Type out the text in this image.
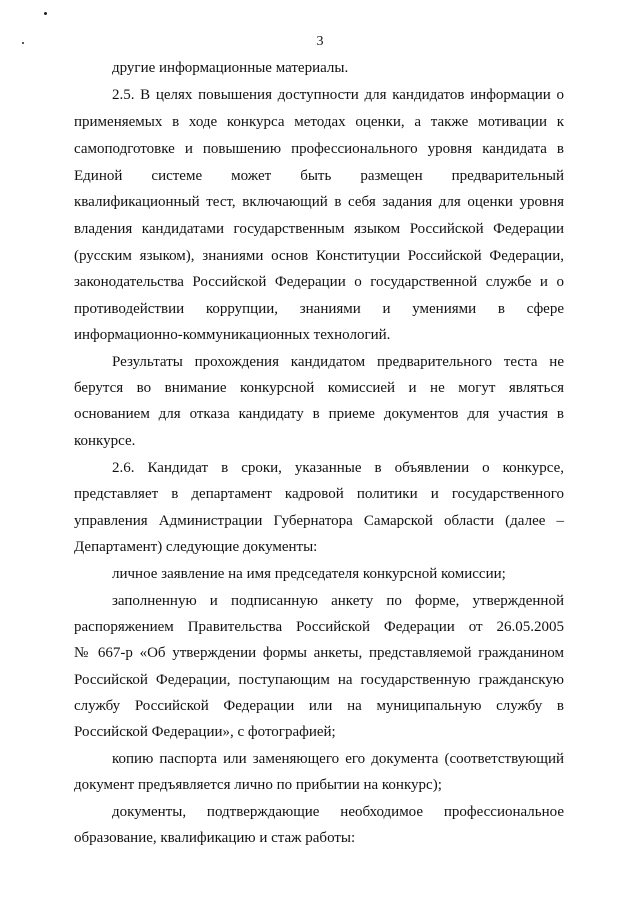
3
другие информационные материалы.
2.5. В целях повышения доступности для кандидатов информации о
применяемых в ходе конкурса методах оценки, а также мотивации к
самоподготовке и повышению профессионального уровня кандидата в
Единой системе может быть размещен предварительный
квалификационный тест, включающий в себя задания для оценки уровня
владения кандидатами государственным языком Российской Федерации
(русским языком), знаниями основ Конституции Российской Федерации,
законодательства Российской Федерации о государственной службе и о
противодействии коррупции, знаниями и умениями в сфере
информационно-коммуникационных технологий.
Результаты прохождения кандидатом предварительного теста не
берутся во внимание конкурсной комиссией и не могут являться
основанием для отказа кандидату в приеме документов для участия в
конкурсе.
2.6. Кандидат в сроки, указанные в объявлении о конкурсе,
представляет в департамент кадровой политики и государственного
управления Администрации Губернатора Самарской области (далее –
Департамент) следующие документы:
личное заявление на имя председателя конкурсной комиссии;
заполненную и подписанную анкету по форме, утвержденной
распоряжением Правительства Российской Федерации от 26.05.2005
№ 667-р «Об утверждении формы анкеты, представляемой гражданином
Российской Федерации, поступающим на государственную гражданскую
службу Российской Федерации или на муниципальную службу в
Российской Федерации», с фотографией;
копию паспорта или заменяющего его документа (соответствующий
документ предъявляется лично по прибытии на конкурс);
документы, подтверждающие необходимое профессиональное
образование, квалификацию и стаж работы:
